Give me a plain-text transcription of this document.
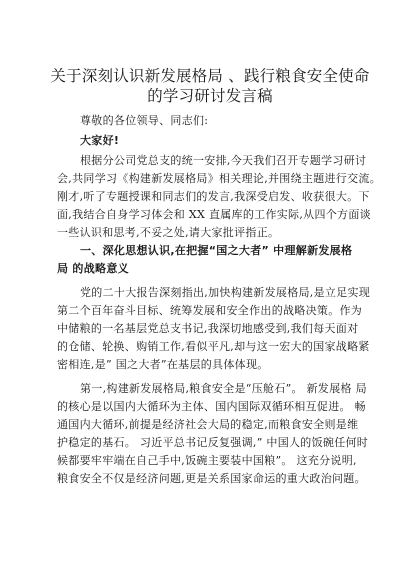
关于深刻认识新发展格局 、践行粮食安全使命
的学习研讨发言稿
尊敬的各位领导、同志们:
大家好!
根据分公司党总支的统一安排,今天我们召开专题学习研讨
会,共同学习《构建新发展格局》相关理论,并围绕主题进行交流。
刚才,听了专题授课和同志们的发言,我深受启发、收获很大。下
面,我结合自身学习体会和 XX 直属库的工作实际,从四个方面谈
一些认识和思考,不妥之处,请大家批评指正。
一、深化思想认识,在把握“国之大者” 中理解新发展格
局 的战略意义
党的二十大报告深刻指出,加快构建新发展格局,是立足实现
第二个百年奋斗目标、统筹发展和安全作出的战略决策。作为
中储粮的一名基层党总支书记,我深切地感受到,我们每天面对
的仓储、轮换、购销工作,看似平凡,却与这一宏大的国家战略紧
密相连,是” 国之大者”在基层的具体体现。
第一,构建新发展格局,粮食安全是“压舱石”。 新发展格 局
的核心是以国内大循环为主体、国内国际双循环相互促进。 畅
通国内大循环,前提是经济社会大局的稳定,而粮食安全则是维
护稳定的基石。 习近平总书记反复强调,” 中国人的饭碗任何时
候都要牢牢端在自己手中,饭碗主要装中国粮”。 这充分说明,
粮食安全不仅是经济问题,更是关系国家命运的重大政治问题。
